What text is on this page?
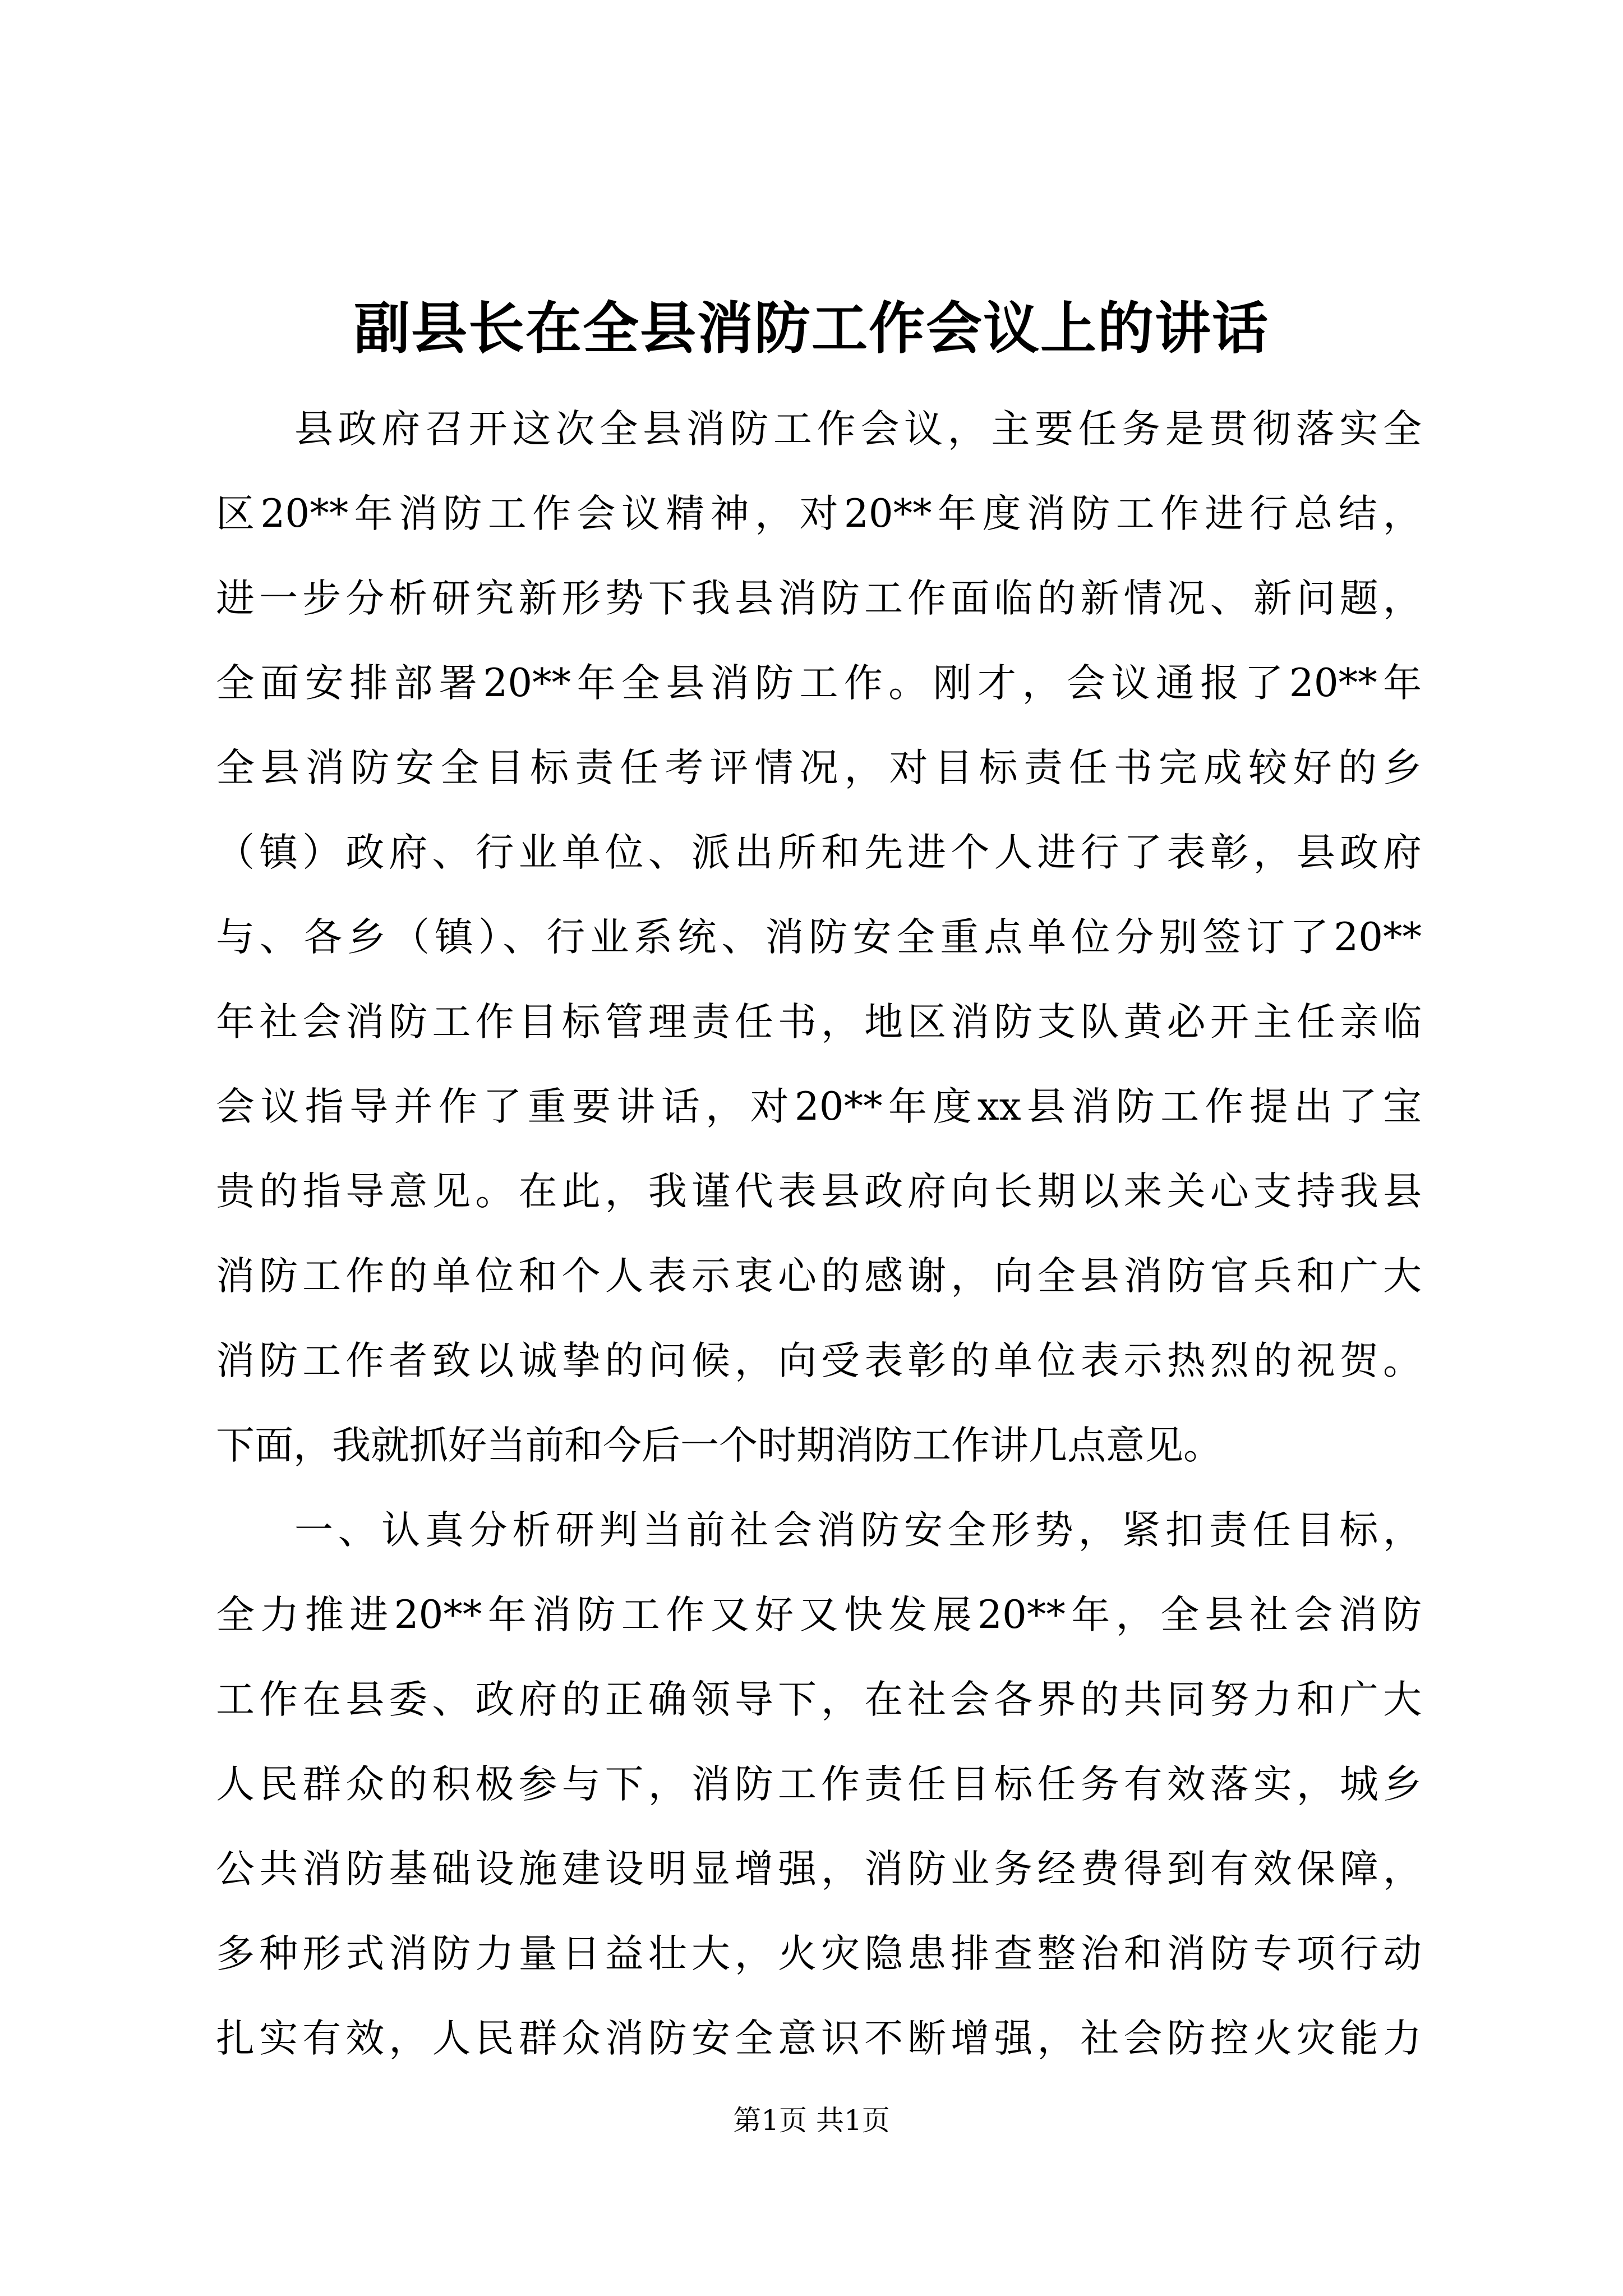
副县长在全县消防工作会议上的讲话
县政府召开这次全县消防工作会议，主要任务是贯彻落实全
区20**年消防工作会议精神，对20**年度消防工作进行总结，
进一步分析研究新形势下我县消防工作面临的新情况、新问题，
全面安排部署20**年全县消防工作。刚才，会议通报了20**年
全县消防安全目标责任考评情况，对目标责任书完成较好的乡
（镇）政府、行业单位、派出所和先进个人进行了表彰，县政府
与、各乡（镇）、行业系统、消防安全重点单位分别签订了20**
年社会消防工作目标管理责任书，地区消防支队黄必开主任亲临
会议指导并作了重要讲话，对20**年度xx县消防工作提出了宝
贵的指导意见。在此，我谨代表县政府向长期以来关心支持我县
消防工作的单位和个人表示衷心的感谢，向全县消防官兵和广大
消防工作者致以诚挚的问候，向受表彰的单位表示热烈的祝贺。
下面，我就抓好当前和今后一个时期消防工作讲几点意见。
一、认真分析研判当前社会消防安全形势，紧扣责任目标，
全力推进20**年消防工作又好又快发展20**年，全县社会消防
工作在县委、政府的正确领导下，在社会各界的共同努力和广大
人民群众的积极参与下，消防工作责任目标任务有效落实，城乡
公共消防基础设施建设明显增强，消防业务经费得到有效保障，
多种形式消防力量日益壮大，火灾隐患排查整治和消防专项行动
扎实有效，人民群众消防安全意识不断增强，社会防控火灾能力
第1页 共1页
